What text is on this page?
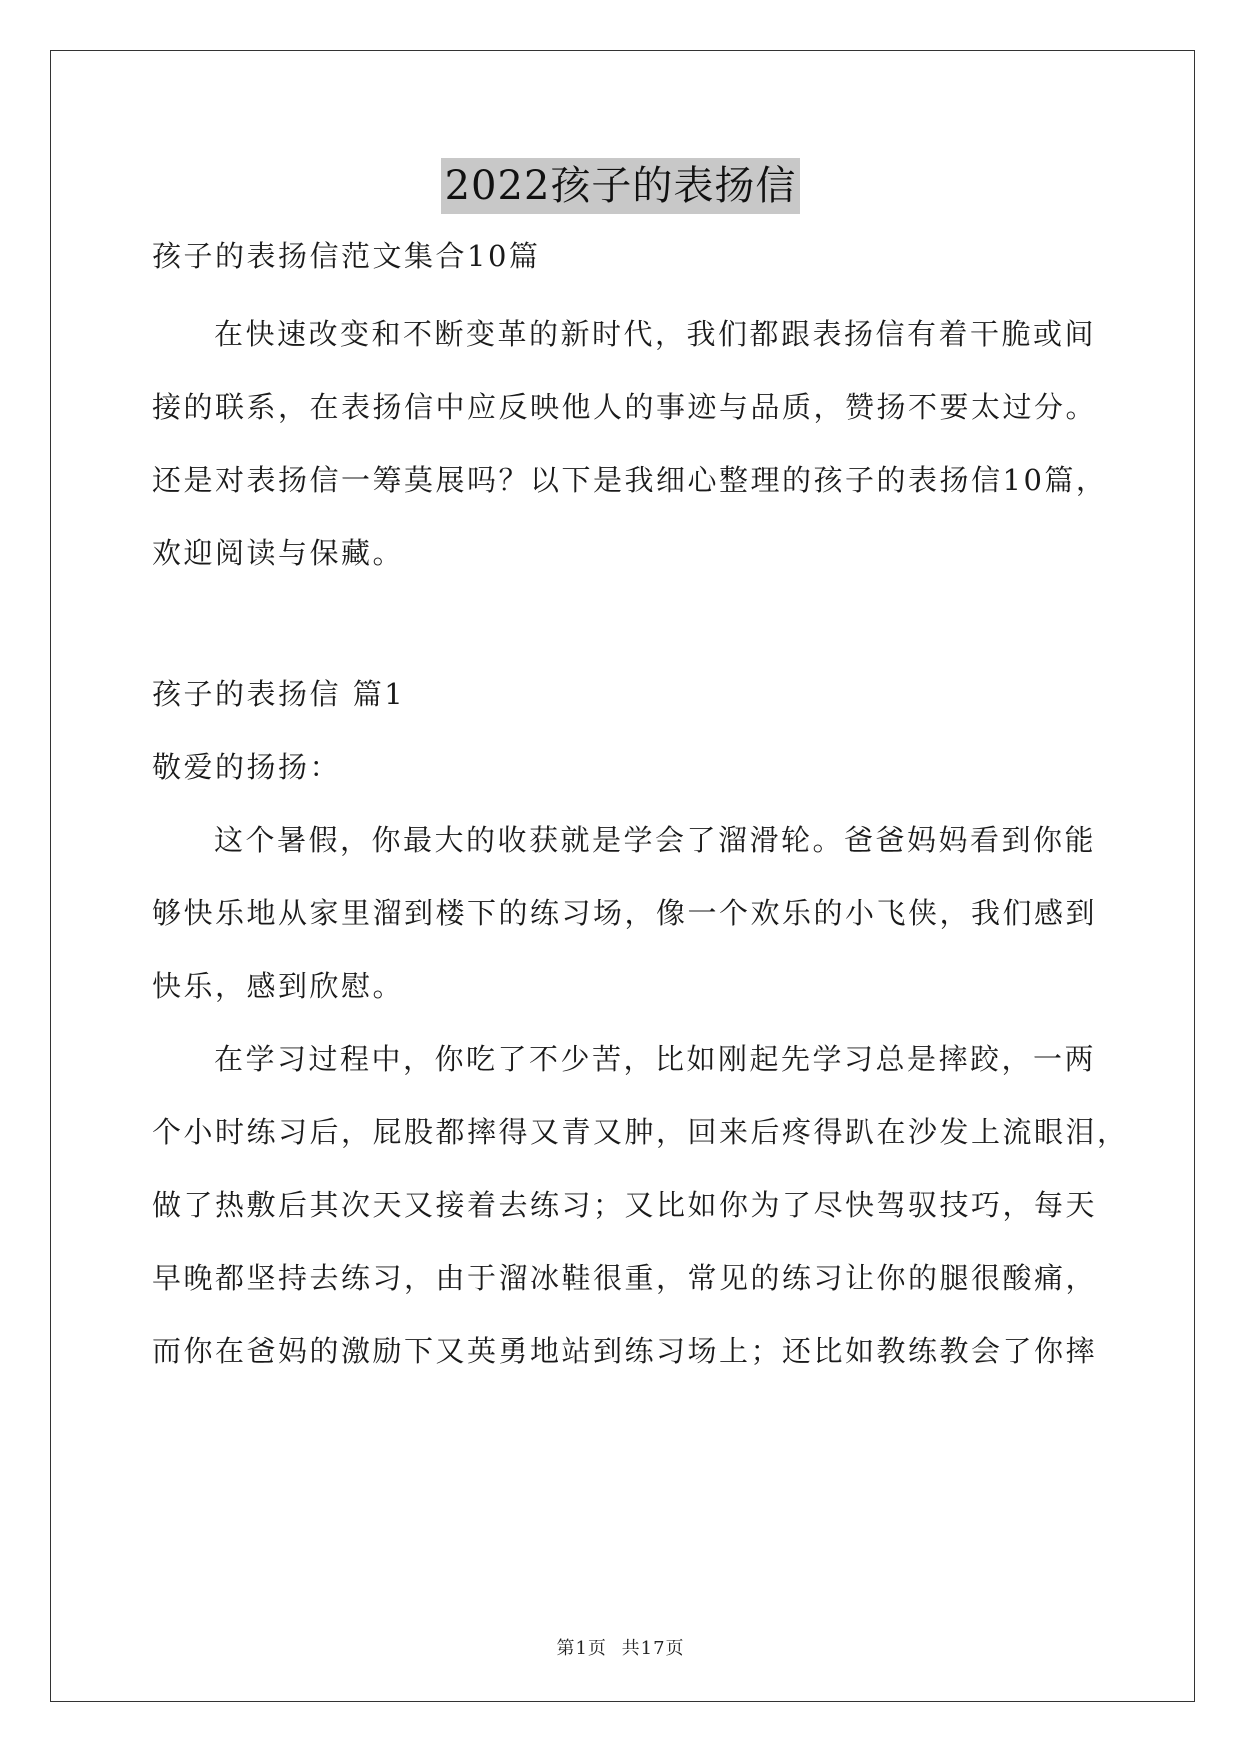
2022孩子的表扬信
孩子的表扬信范文集合10篇
在快速改变和不断变革的新时代，我们都跟表扬信有着干脆或间
接的联系，在表扬信中应反映他人的事迹与品质，赞扬不要太过分。
还是对表扬信一筹莫展吗？以下是我细心整理的孩子的表扬信10篇，
欢迎阅读与保藏。
孩子的表扬信 篇1
敬爱的扬扬：
这个暑假，你最大的收获就是学会了溜滑轮。爸爸妈妈看到你能
够快乐地从家里溜到楼下的练习场，像一个欢乐的小飞侠，我们感到
快乐，感到欣慰。
在学习过程中，你吃了不少苦，比如刚起先学习总是摔跤，一两
个小时练习后，屁股都摔得又青又肿，回来后疼得趴在沙发上流眼泪，
做了热敷后其次天又接着去练习；又比如你为了尽快驾驭技巧，每天
早晚都坚持去练习，由于溜冰鞋很重，常见的练习让你的腿很酸痛，
而你在爸妈的激励下又英勇地站到练习场上；还比如教练教会了你摔
第1页 共17页
